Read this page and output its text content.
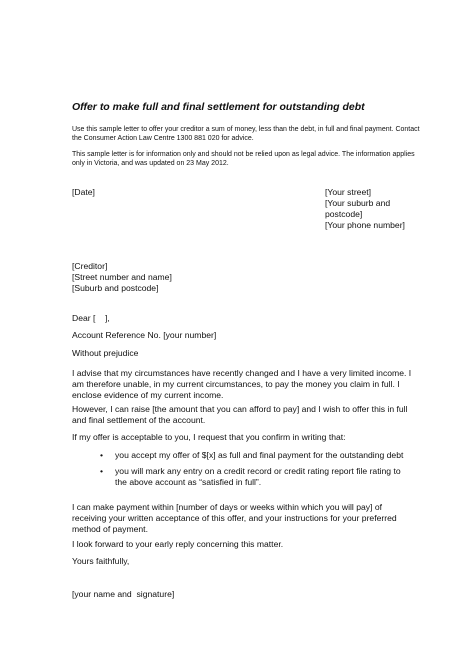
Offer to make full and final settlement for outstanding debt
Use this sample letter to offer your creditor a sum of money, less than the debt, in full and final payment. Contact the Consumer Action Law Centre 1300 881 020 for advice.
This sample letter is for information only and should not be relied upon as legal advice. The information applies only in Victoria, and was updated on 23 May 2012.
[Date]	[Your street]
[Your suburb and
postcode]
[Your phone number]
[Creditor]
[Street number and name]
[Suburb and postcode]
Dear [    ],
Account Reference No. [your number]
Without prejudice
I advise that my circumstances have recently changed and I have a very limited income. I am therefore unable, in my current circumstances, to pay the money you claim in full. I enclose evidence of my current income.
However, I can raise [the amount that you can afford to pay] and I wish to offer this in full and final settlement of the account.
If my offer is acceptable to you, I request that you confirm in writing that:
• you accept my offer of $[x] as full and final payment for the outstanding debt
• you will mark any entry on a credit record or credit rating report file rating to the above account as “satisfied in full”.
I can make payment within [number of days or weeks within which you will pay] of receiving your written acceptance of this offer, and your instructions for your preferred method of payment.
I look forward to your early reply concerning this matter.
Yours faithfully,
[your name and  signature]
